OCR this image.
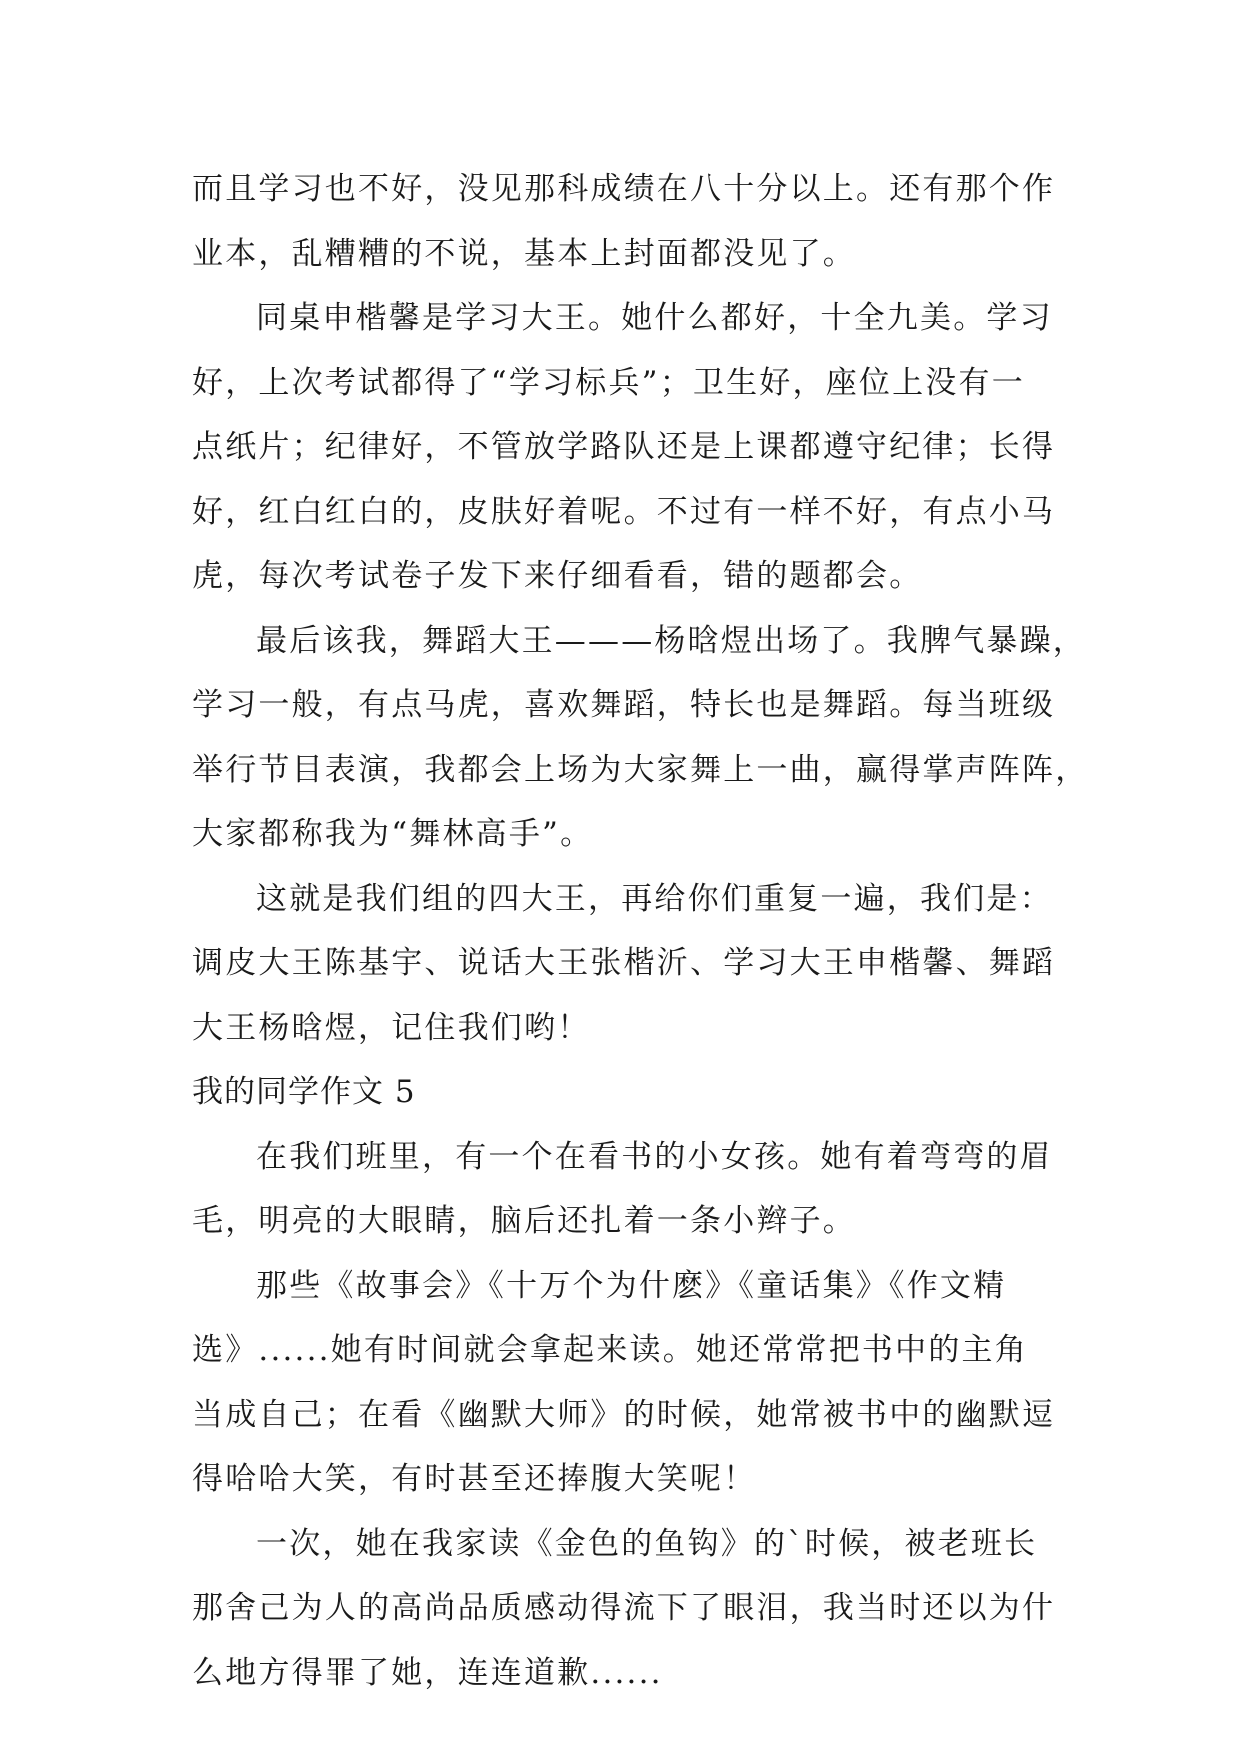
而且学习也不好，没见那科成绩在八十分以上。还有那个作
业本，乱糟糟的不说，基本上封面都没见了。
同桌申楷馨是学习大王。她什么都好，十全九美。学习
好，上次考试都得了“学习标兵”；卫生好，座位上没有一
点纸片；纪律好，不管放学路队还是上课都遵守纪律；长得
好，红白红白的，皮肤好着呢。不过有一样不好，有点小马
虎，每次考试卷子发下来仔细看看，错的题都会。
最后该我，舞蹈大王———杨晗煜出场了。我脾气暴躁，
学习一般，有点马虎，喜欢舞蹈，特长也是舞蹈。每当班级
举行节目表演，我都会上场为大家舞上一曲，赢得掌声阵阵，
大家都称我为“舞林高手”。
这就是我们组的四大王，再给你们重复一遍，我们是：
调皮大王陈基宇、说话大王张楷沂、学习大王申楷馨、舞蹈
大王杨晗煜，记住我们哟！
我的同学作文 5
在我们班里，有一个在看书的小女孩。她有着弯弯的眉
毛，明亮的大眼睛，脑后还扎着一条小辫子。
那些《故事会》《十万个为什麽》《童话集》《作文精
选》......她有时间就会拿起来读。她还常常把书中的主角
当成自己；在看《幽默大师》的时候，她常被书中的幽默逗
得哈哈大笑，有时甚至还捧腹大笑呢！
一次，她在我家读《金色的鱼钩》的`时候，被老班长
那舍己为人的高尚品质感动得流下了眼泪，我当时还以为什
么地方得罪了她，连连道歉......
